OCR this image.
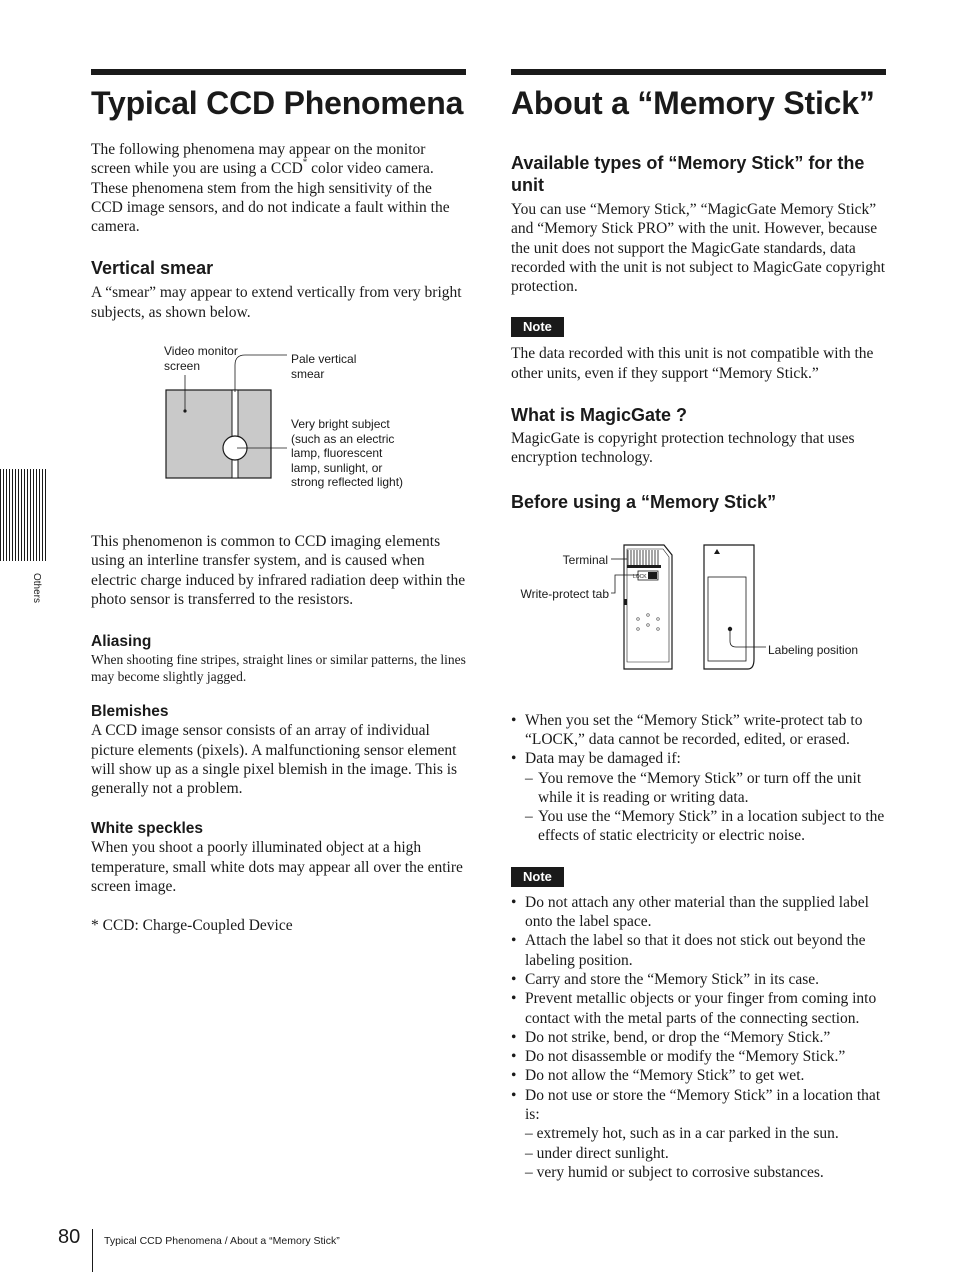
Others
Typical CCD Phenomena

The following phenomena may appear on the monitor screen while you are using a CCD* color video camera. These phenomena stem from the high sensitivity of the CCD image sensors, and do not indicate a fault within the camera.

Vertical smear

A “smear” may appear to extend vertically from very bright subjects, as shown below.

Video monitor screen	Pale vertical smear
Very bright subject (such as an electric lamp, fluorescent lamp, sunlight, or strong reflected light)

This phenomenon is common to CCD imaging elements using an interline transfer system, and is caused when electric charge induced by infrared radiation deep within the photo sensor is transferred to the resistors.

Aliasing

When shooting fine stripes, straight lines or similar patterns, the lines may become slightly jagged.

Blemishes

A CCD image sensor consists of an array of individual picture elements (pixels). A malfunctioning sensor element will show up as a single pixel blemish in the image. This is generally not a problem.

White speckles

When you shoot a poorly illuminated object at a high temperature, small white dots may appear all over the entire screen image.

* CCD: Charge-Coupled Device

About a “Memory Stick”
Available types of “Memory Stick” for the unit

You can use “Memory Stick,” “MagicGate Memory Stick” and “Memory Stick PRO” with the unit. However, because the unit does not support the MagicGate standards, data recorded with the unit is not subject to MagicGate copyright protection.

Note

The data recorded with this unit is not compatible with the other units, even if they support “Memory Stick.”

What is MagicGate ?

MagicGate is copyright protection technology that uses encryption technology.

Before using a “Memory Stick”
Terminal
Write-protect tab
Labeling position
LOCK
• When you set the “Memory Stick” write-protect tab to “LOCK,” data cannot be recorded, edited, or erased.
• Data may be damaged if:
– You remove the “Memory Stick” or turn off the unit while it is reading or writing data.
– You use the “Memory Stick” in a location subject to the effects of static electricity or electric noise.
Note
• Do not attach any other material than the supplied label onto the label space.
• Attach the label so that it does not stick out beyond the labeling position.
• Carry and store the “Memory Stick” in its case.
• Prevent metallic objects or your finger from coming into contact with the metal parts of the connecting section.
• Do not strike, bend, or drop the “Memory Stick.”
• Do not disassemble or modify the “Memory Stick.”
• Do not allow the “Memory Stick” to get wet.
• Do not use or store the “Memory Stick” in a location that is:
– extremely hot, such as in a car parked in the sun.
– under direct sunlight.
– very humid or subject to corrosive substances.
80 Typical CCD Phenomena / About a “Memory Stick”
